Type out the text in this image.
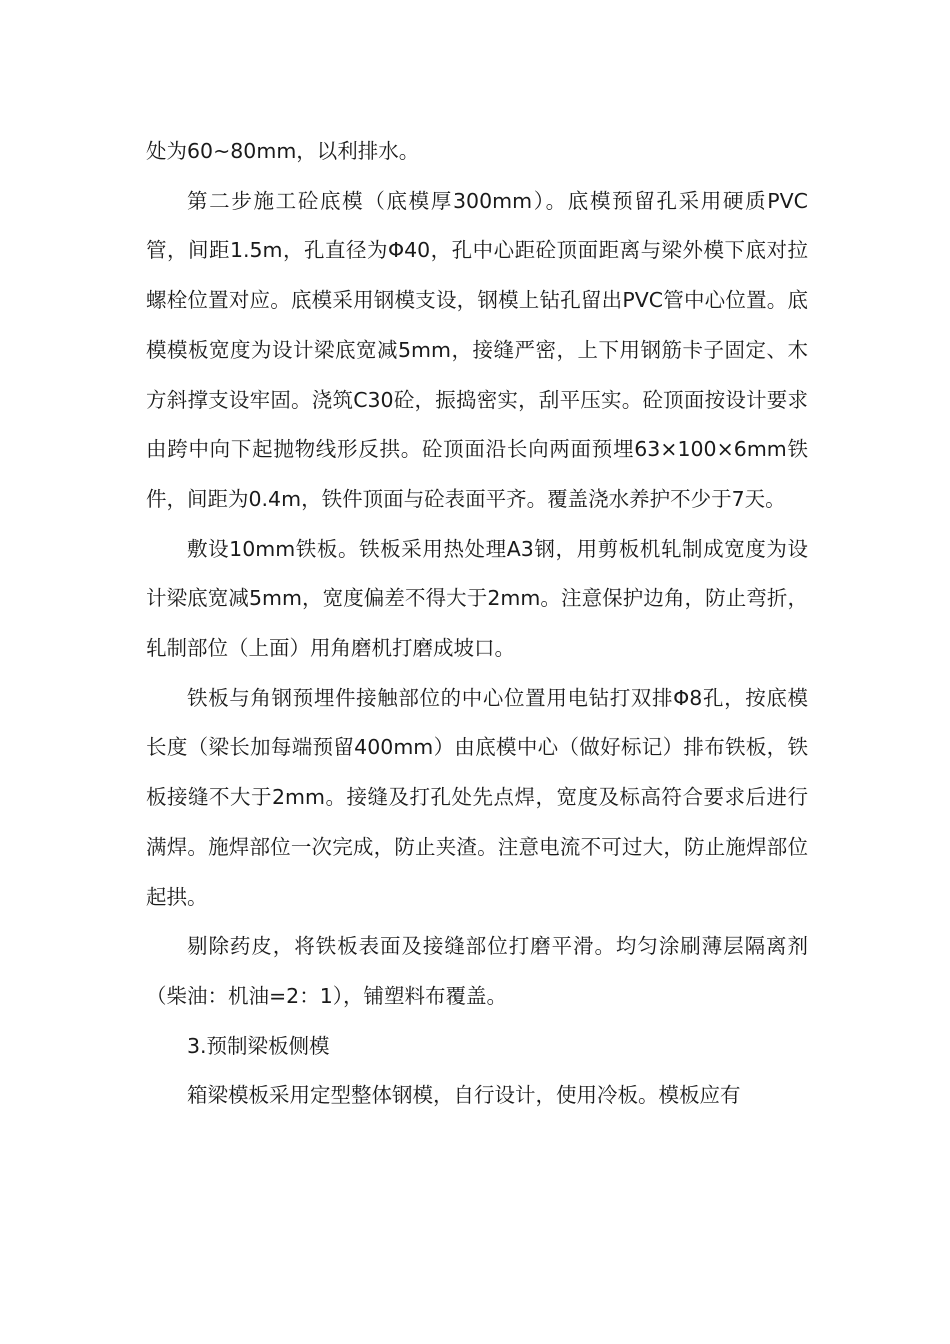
处为60~80mm，以利排水。

第二步施工砼底模（底模厚300mm）。底模预留孔采用硬质PVC管，间距1.5m，孔直径为Φ40，孔中心距砼顶面距离与梁外模下底对拉螺栓位置对应。底模采用钢模支设，钢模上钻孔留出PVC管中心位置。底模模板宽度为设计梁底宽减5mm，接缝严密，上下用钢筋卡子固定、木方斜撑支设牢固。浇筑C30砼，振捣密实，刮平压实。砼顶面按设计要求由跨中向下起抛物线形反拱。砼顶面沿长向两面预埋63×100×6mm铁件，间距为0.4m，铁件顶面与砼表面平齐。覆盖浇水养护不少于7天。

敷设10mm铁板。铁板采用热处理A3钢，用剪板机轧制成宽度为设计梁底宽减5mm，宽度偏差不得大于2mm。注意保护边角，防止弯折，轧制部位（上面）用角磨机打磨成坡口。

铁板与角钢预埋件接触部位的中心位置用电钻打双排Φ8孔，按底模长度（梁长加每端预留400mm）由底模中心（做好标记）排布铁板，铁板接缝不大于2mm。接缝及打孔处先点焊，宽度及标高符合要求后进行满焊。施焊部位一次完成，防止夹渣。注意电流不可过大，防止施焊部位起拱。

剔除药皮，将铁板表面及接缝部位打磨平滑。均匀涂刷薄层隔离剂（柴油：机油=2：1），铺塑料布覆盖。

3.预制梁板侧模

箱梁模板采用定型整体钢模，自行设计，使用冷板。模板应有
